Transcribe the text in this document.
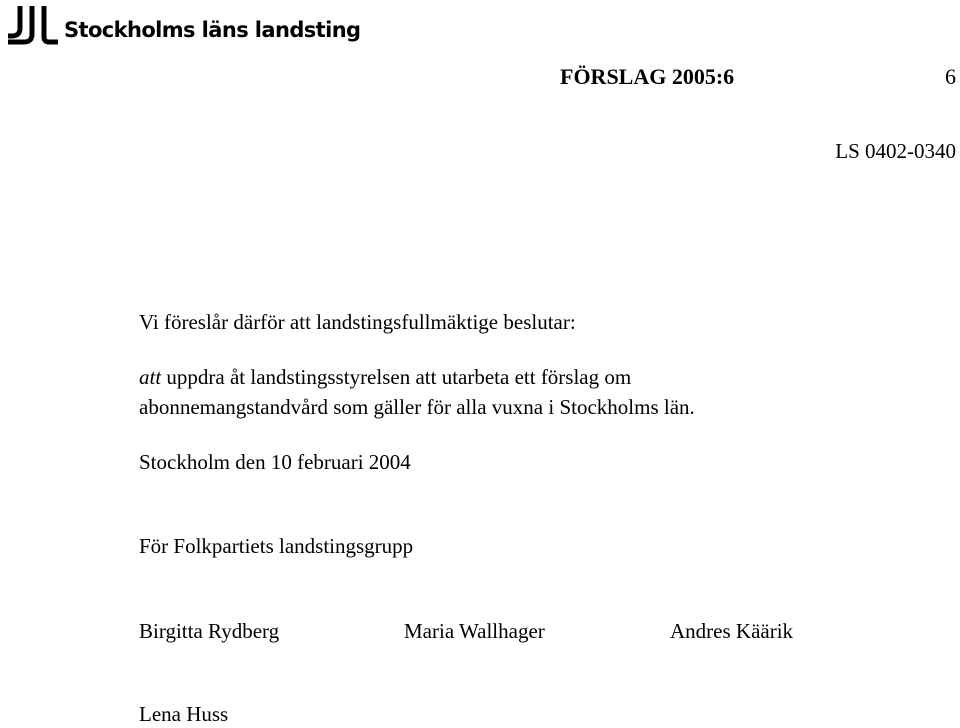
Stockholms läns landsting
FÖRSLAG 2005:6	6
LS 0402-0340
Vi föreslår därför att landstingsfullmäktige beslutar:
att uppdra åt landstingsstyrelsen att utarbeta ett förslag om
abonnemangstandvård som gäller för alla vuxna i Stockholms län.
Stockholm den 10 februari 2004
För Folkpartiets landstingsgrupp
Birgitta Rydberg	Maria Wallhager	Andres Käärik
Lena Huss
